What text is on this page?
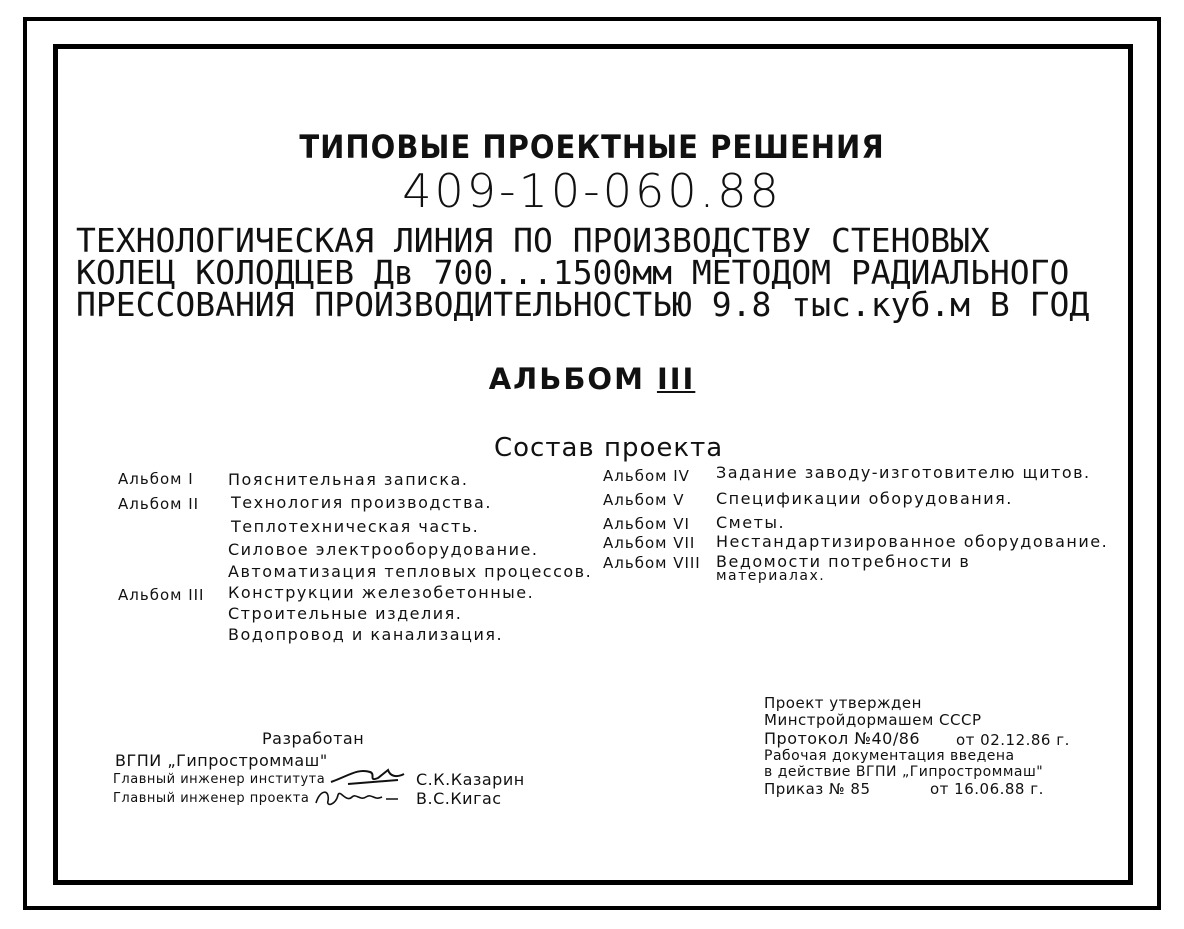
ТИПОВЫЕ ПРОЕКТНЫЕ РЕШЕНИЯ
409-10-060.88
ТЕХНОЛОГИЧЕСКАЯ ЛИНИЯ ПО ПРОИЗВОДСТВУ СТЕНОВЫХ
КОЛЕЦ КОЛОДЦЕВ Дв 700...1500мм МЕТОДОМ РАДИАЛЬНОГО
ПРЕССОВАНИЯ ПРОИЗВОДИТЕЛЬНОСТЬЮ 9.8 тыс.куб.м В ГОД
АЛЬБОМ III
Состав проекта
Альбом I Пояснительная записка.
Альбом II Технология производства.
Теплотехническая часть.
Силовое электрооборудование.
Автоматизация тепловых процессов.
Альбом III Конструкции железобетонные.
Строительные изделия.
Водопровод и канализация.
Альбом IV Задание заводу-изготовителю щитов.
Альбом V Спецификации оборудования.
Альбом VI Сметы.
Альбом VII Нестандартизированное оборудование.
Альбом VIII Ведомости потребности в
материалах.
Разработан
ВГПИ „Гипростроммаш"
Главный инженер института	С.К.Казарин
Главный инженер проекта	В.С.Кигас
Проект утвержден
Минстройдормашем СССР
Протокол №40/86 от 02.12.86 г.
Рабочая документация введена
в действие ВГПИ „Гипростроммаш"
Приказ № 85	от 16.06.88 г.
